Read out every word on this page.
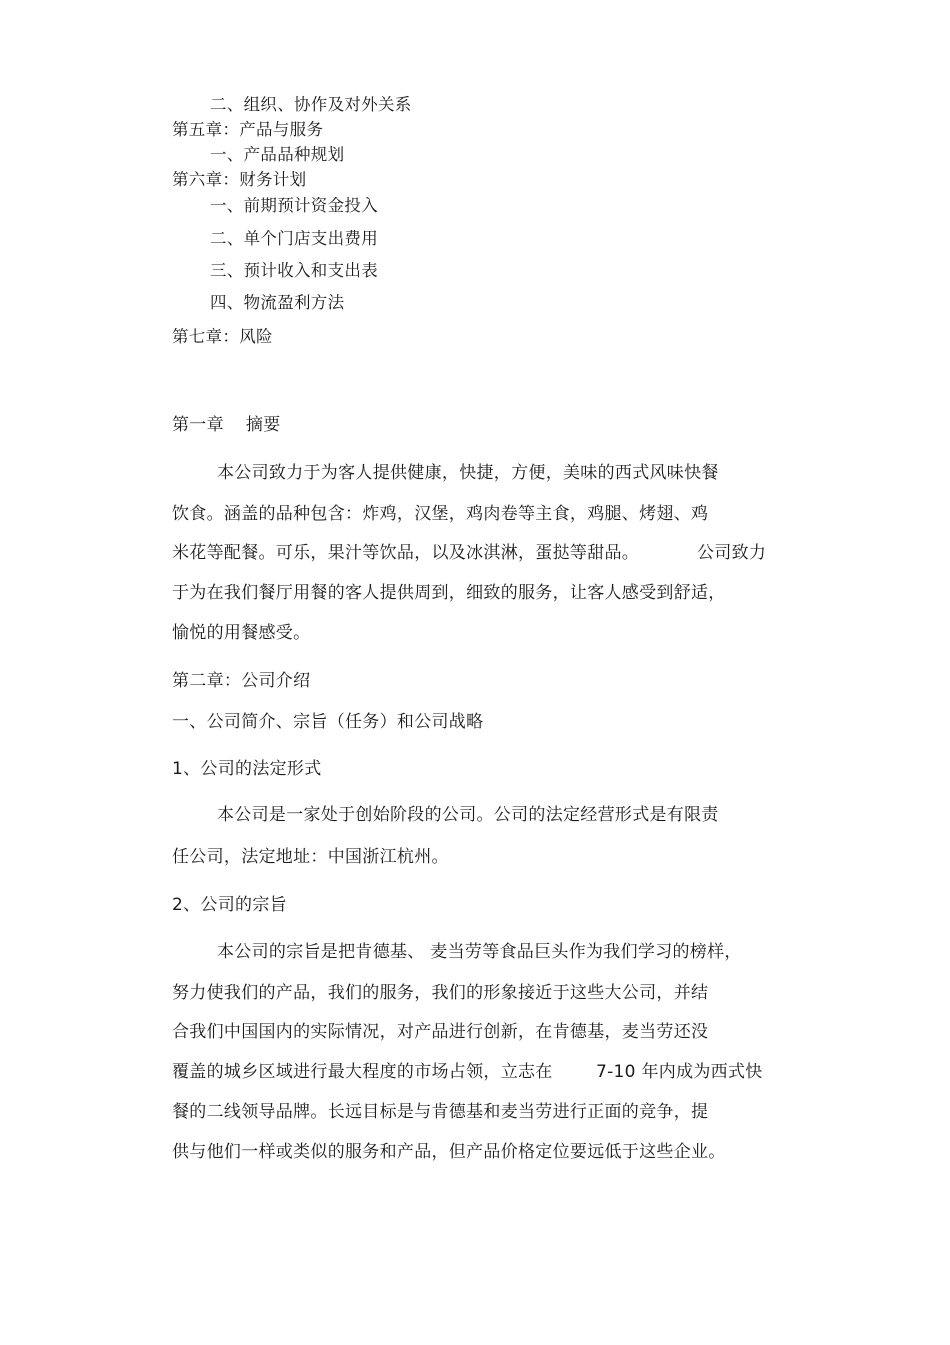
二、组织、协作及对外关系
第五章：产品与服务
一、产品品种规划
第六章：财务计划
一、前期预计资金投入
二、单个门店支出费用
三、预计收入和支出表
四、物流盈利方法
第七章：风险
第一章 摘要
本公司致力于为客人提供健康，快捷，方便，美味的西式风味快餐
饮食。涵盖的品种包含：炸鸡，汉堡，鸡肉卷等主食，鸡腿、烤翅、鸡
米花等配餐。可乐，果汁等饮品，以及冰淇淋，蛋挞等甜品。	公司致力
于为在我们餐厅用餐的客人提供周到，细致的服务，让客人感受到舒适，
愉悦的用餐感受。
第二章：公司介绍
一、公司简介、宗旨（任务）和公司战略
1、公司的法定形式
本公司是一家处于创始阶段的公司。公司的法定经营形式是有限责
任公司，法定地址：中国浙江杭州。
2、公司的宗旨
本公司的宗旨是把肯德基、 麦当劳等食品巨头作为我们学习的榜样，
努力使我们的产品，我们的服务，我们的形象接近于这些大公司，并结
合我们中国国内的实际情况，对产品进行创新，在肯德基，麦当劳还没
覆盖的城乡区域进行最大程度的市场占领，立志在	7-10 年内成为西式快
餐的二线领导品牌。长远目标是与肯德基和麦当劳进行正面的竞争，提
供与他们一样或类似的服务和产品，但产品价格定位要远低于这些企业。
